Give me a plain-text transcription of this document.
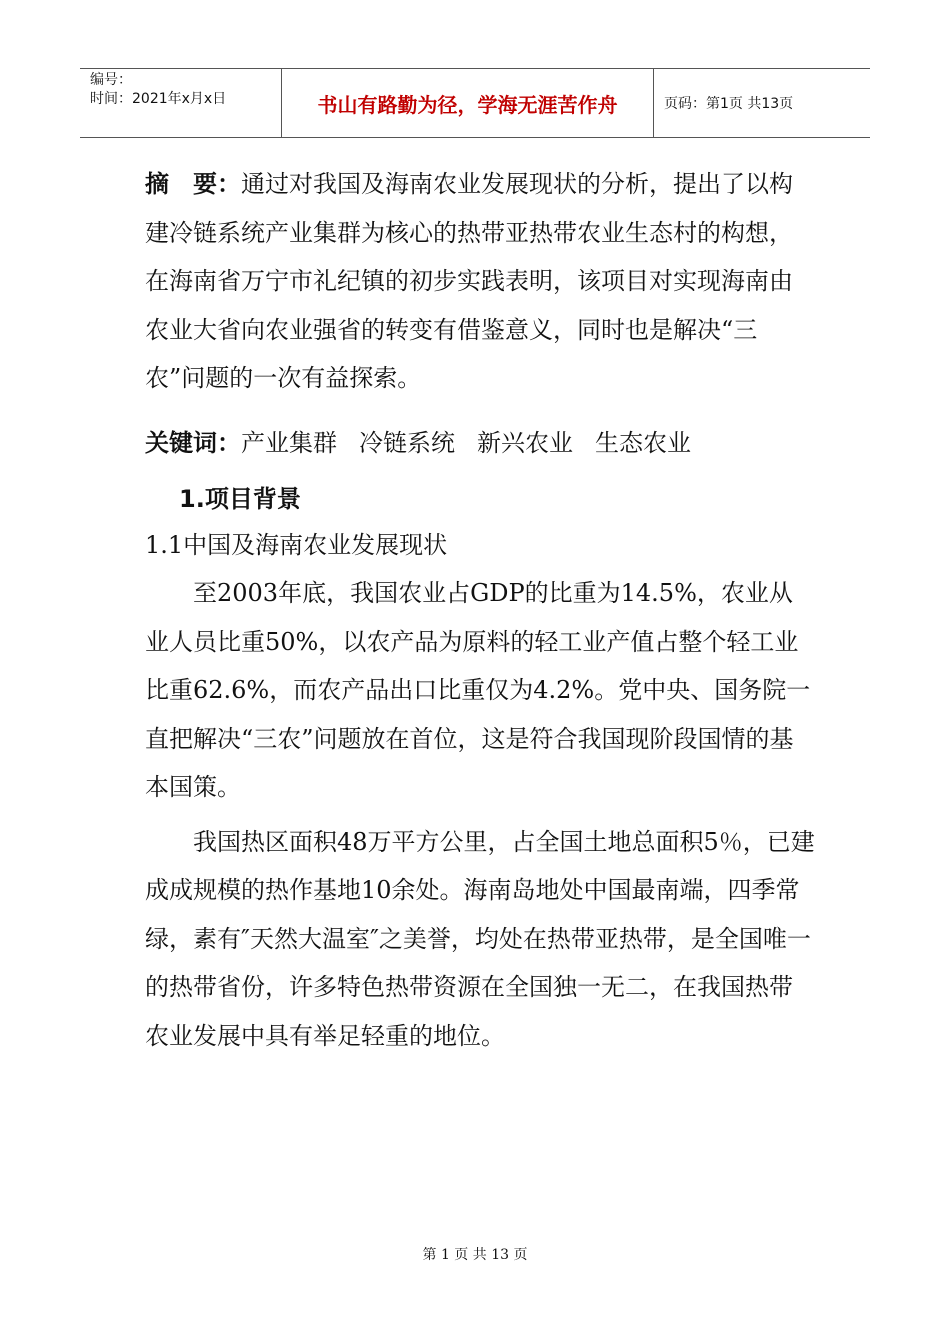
编号：
时间：2021年x月x日	书山有路勤为径，学海无涯苦作舟	页码：第1页 共13页

摘　要：通过对我国及海南农业发展现状的分析，提出了以构建冷链系统产业集群为核心的热带亚热带农业生态村的构想，在海南省万宁市礼纪镇的初步实践表明，该项目对实现海南由农业大省向农业强省的转变有借鉴意义，同时也是解决“三农”问题的一次有益探索。

关键词：产业集群 冷链系统 新兴农业 生态农业

1.项目背景
1.1中国及海南农业发展现状

至2003年底，我国农业占GDP的比重为14.5%，农业从业人员比重50%，以农产品为原料的轻工业产值占整个轻工业比重62.6%，而农产品出口比重仅为4.2%。党中央、国务院一直把解决“三农”问题放在首位，这是符合我国现阶段国情的基本国策。

我国热区面积48万平方公里，占全国土地总面积5％，已建成成规模的热作基地10余处。海南岛地处中国最南端，四季常绿，素有″天然大温室″之美誉，均处在热带亚热带，是全国唯一的热带省份，许多特色热带资源在全国独一无二，在我国热带农业发展中具有举足轻重的地位。

第 1 页 共 13 页
